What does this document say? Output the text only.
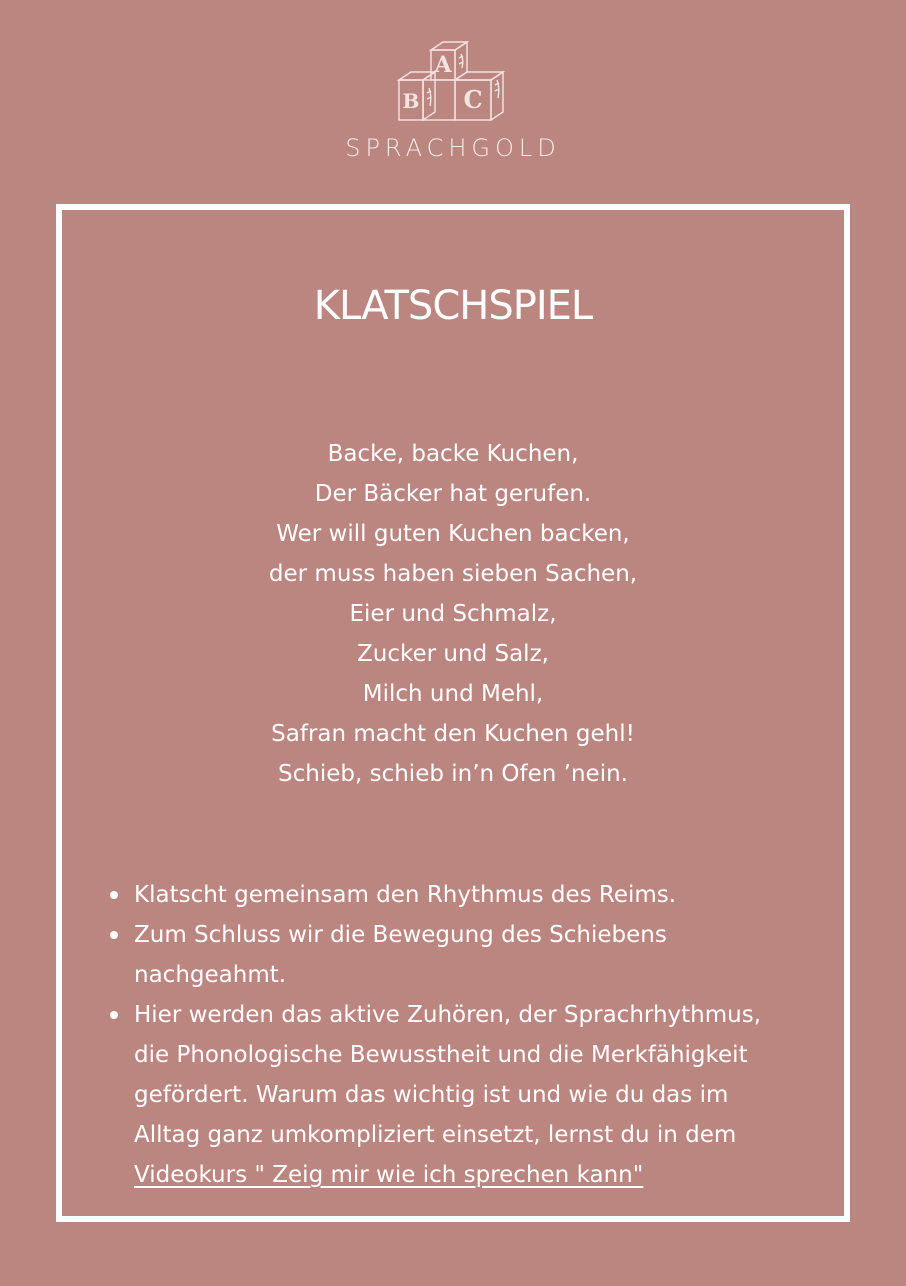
A
B C
SPRACHGOLD
KLATSCHSPIEL
Backe, backe Kuchen,
Der Bäcker hat gerufen.
Wer will guten Kuchen backen,
der muss haben sieben Sachen,
Eier und Schmalz,
Zucker und Salz,
Milch und Mehl,
Safran macht den Kuchen gehl!
Schieb, schieb in’n Ofen ’nein.
Klatscht gemeinsam den Rhythmus des Reims.
Zum Schluss wir die Bewegung des Schiebens nachgeahmt.
Hier werden das aktive Zuhören, der Sprachrhythmus, die Phonologische Bewusstheit und die Merkfähigkeit gefördert. Warum das wichtig ist und wie du das im Alltag ganz umkompliziert einsetzt, lernst du in dem Videokurs " Zeig mir wie ich sprechen kann"
